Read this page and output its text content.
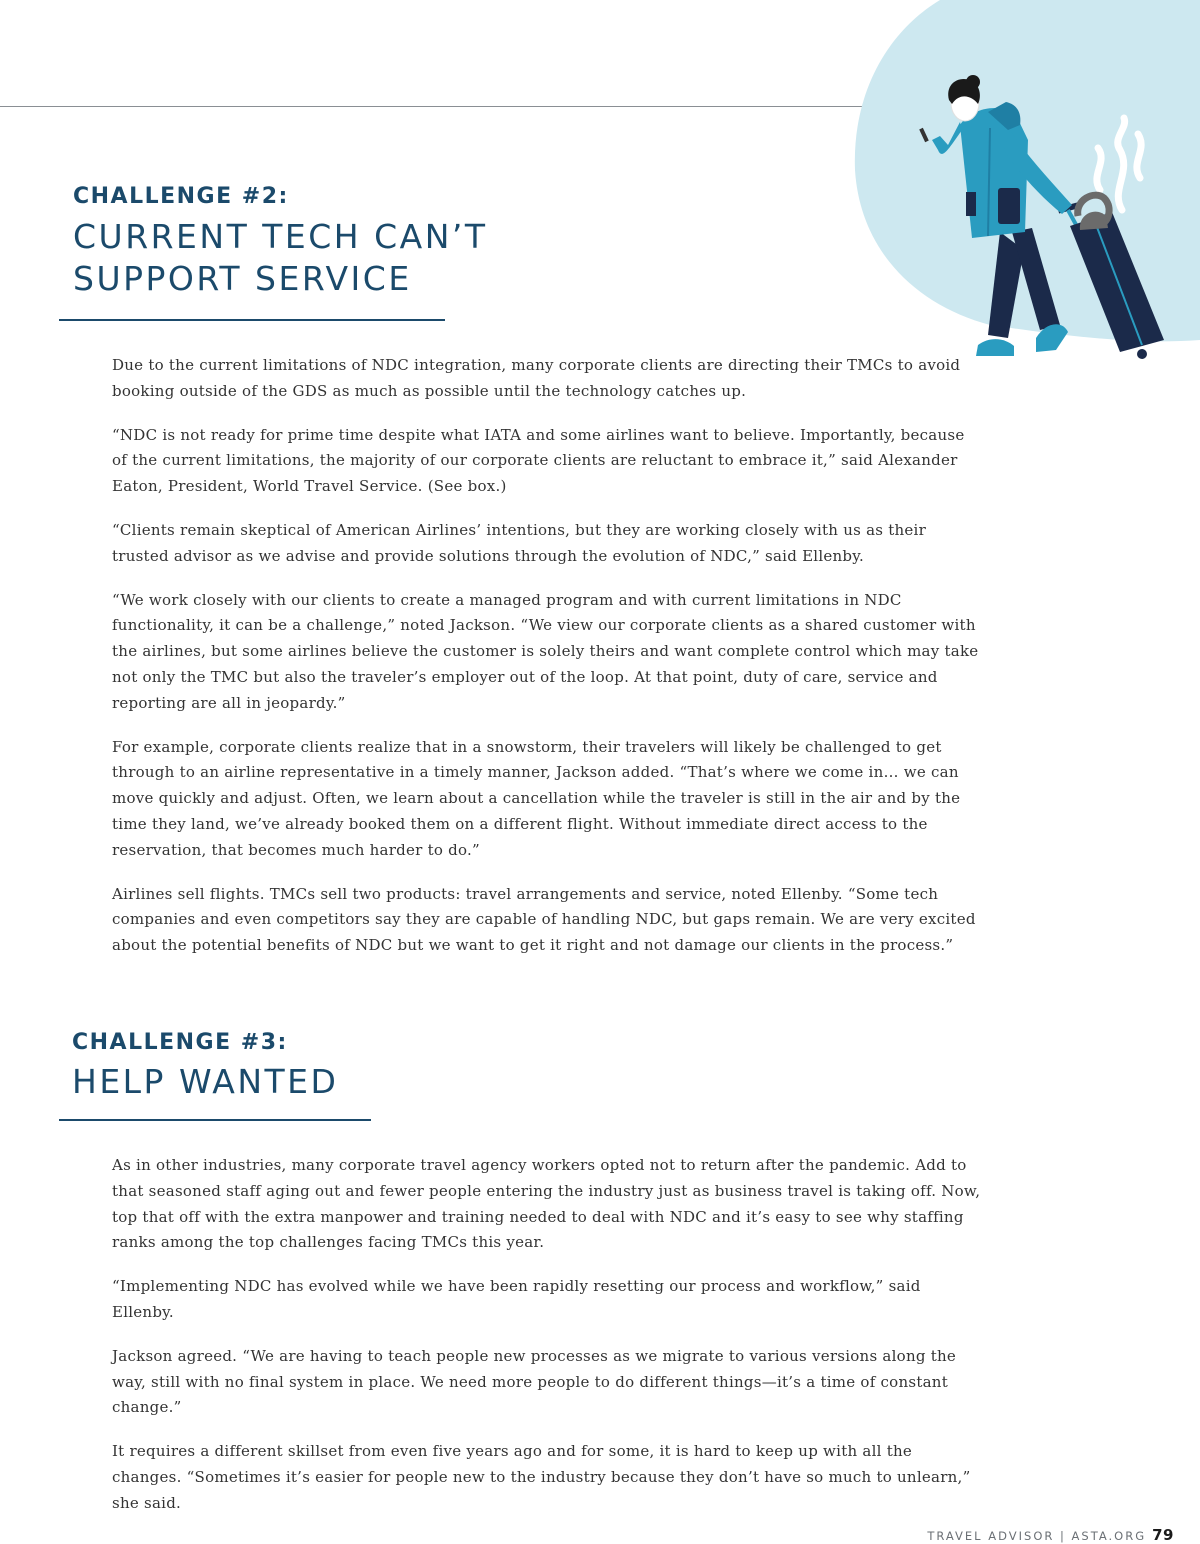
CHALLENGE #2:
CURRENT TECH CAN’T
SUPPORT SERVICE

Due to the current limitations of NDC integration, many corporate clients are directing their TMCs to avoid booking outside of the GDS as much as possible until the technology catches up.

“NDC is not ready for prime time despite what IATA and some airlines want to believe. Importantly, because of the current limitations, the majority of our corporate clients are reluctant to embrace it,” said Alexander Eaton, President, World Travel Service. (See box.)

“Clients remain skeptical of American Airlines’ intentions, but they are working closely with us as their trusted advisor as we advise and provide solutions through the evolution of NDC,” said Ellenby.

“We work closely with our clients to create a managed program and with current limitations in NDC functionality, it can be a challenge,” noted Jackson. “We view our corporate clients as a shared customer with the airlines, but some airlines believe the customer is solely theirs and want complete control which may take not only the TMC but also the traveler’s employer out of the loop. At that point, duty of care, service and reporting are all in jeopardy.”

For example, corporate clients realize that in a snowstorm, their travelers will likely be challenged to get through to an airline representative in a timely manner, Jackson added. “That’s where we come in… we can move quickly and adjust. Often, we learn about a cancellation while the traveler is still in the air and by the time they land, we’ve already booked them on a different flight. Without immediate direct access to the reservation, that becomes much harder to do.”

Airlines sell flights. TMCs sell two products: travel arrangements and service, noted Ellenby. “Some tech companies and even competitors say they are capable of handling NDC, but gaps remain. We are very excited about the potential benefits of NDC but we want to get it right and not damage our clients in the process.”

CHALLENGE #3:
HELP WANTED

As in other industries, many corporate travel agency workers opted not to return after the pandemic. Add to that seasoned staff aging out and fewer people entering the industry just as business travel is taking off. Now, top that off with the extra manpower and training needed to deal with NDC and it’s easy to see why staffing ranks among the top challenges facing TMCs this year.

“Implementing NDC has evolved while we have been rapidly resetting our process and workflow,” said Ellenby.

Jackson agreed. “We are having to teach people new processes as we migrate to various versions along the way, still with no final system in place. We need more people to do different things—it’s a time of constant change.”

It requires a different skillset from even five years ago and for some, it is hard to keep up with all the changes. “Sometimes it’s easier for people new to the industry because they don’t have so much to unlearn,” she said.

TRAVEL ADVISOR | ASTA.ORG 79
